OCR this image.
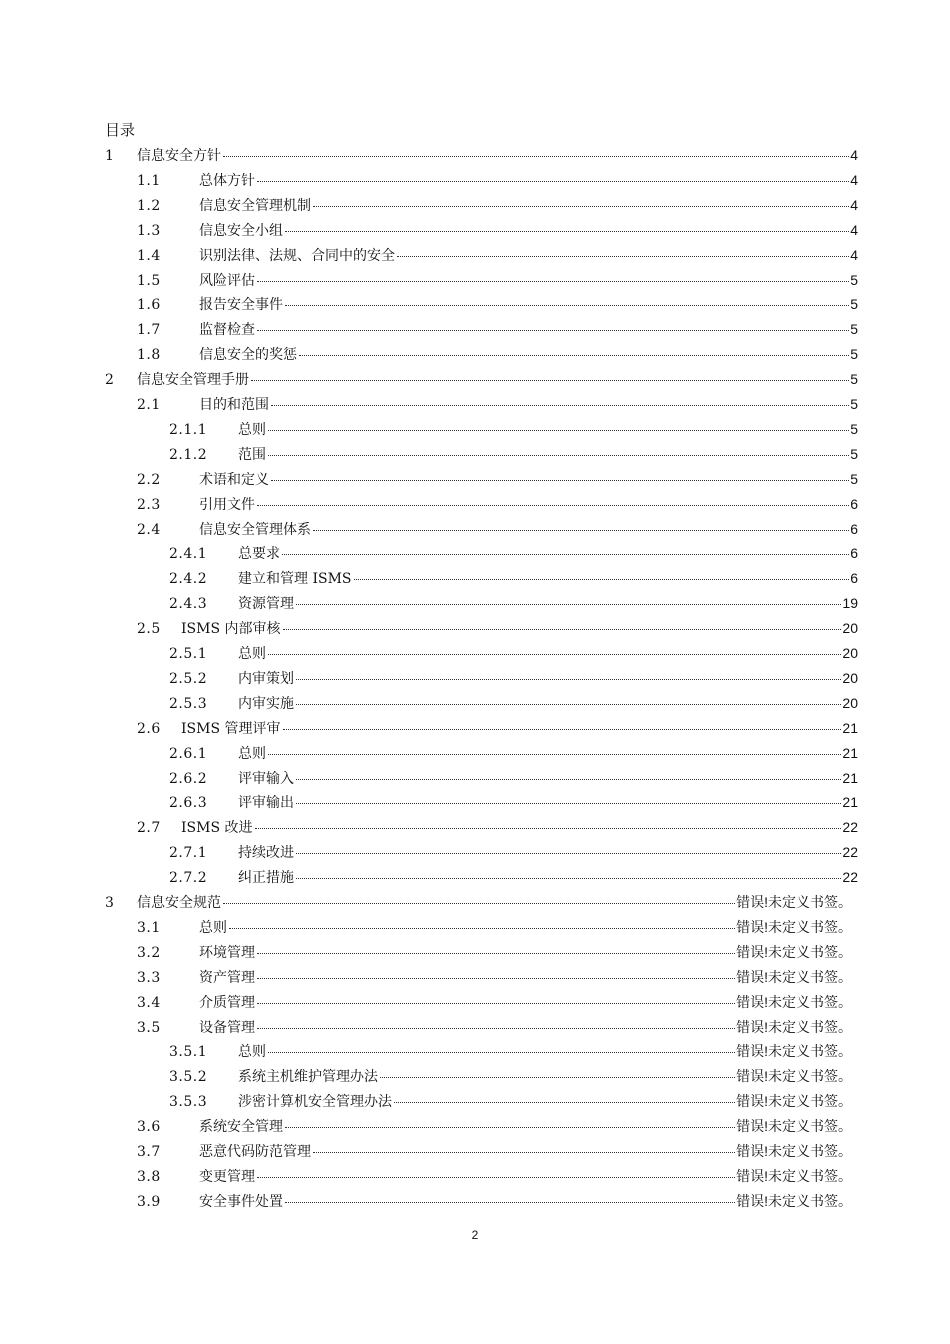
目录
1	信息安全方针	4
1.1	总体方针	4
1.2	信息安全管理机制	4
1.3	信息安全小组	4
1.4	识别法律、法规、合同中的安全	4
1.5	风险评估	5
1.6	报告安全事件	5
1.7	监督检查	5
1.8	信息安全的奖惩	5
2	信息安全管理手册	5
2.1	目的和范围	5
2.1.1	总则	5
2.1.2	范围	5
2.2	术语和定义	5
2.3	引用文件	6
2.4	信息安全管理体系	6
2.4.1	总要求	6
2.4.2	建立和管理 ISMS	6
2.4.3	资源管理	19
2.5	ISMS 内部审核	20
2.5.1	总则	20
2.5.2	内审策划	20
2.5.3	内审实施	20
2.6	ISMS 管理评审	21
2.6.1	总则	21
2.6.2	评审输入	21
2.6.3	评审输出	21
2.7	ISMS 改进	22
2.7.1	持续改进	22
2.7.2	纠正措施	22
3	信息安全规范	错误!未定义书签。
3.1	总则	错误!未定义书签。
3.2	环境管理	错误!未定义书签。
3.3	资产管理	错误!未定义书签。
3.4	介质管理	错误!未定义书签。
3.5	设备管理	错误!未定义书签。
3.5.1	总则	错误!未定义书签。
3.5.2	系统主机维护管理办法	错误!未定义书签。
3.5.3	涉密计算机安全管理办法	错误!未定义书签。
3.6	系统安全管理	错误!未定义书签。
3.7	恶意代码防范管理	错误!未定义书签。
3.8	变更管理	错误!未定义书签。
3.9	安全事件处置	错误!未定义书签。
2
